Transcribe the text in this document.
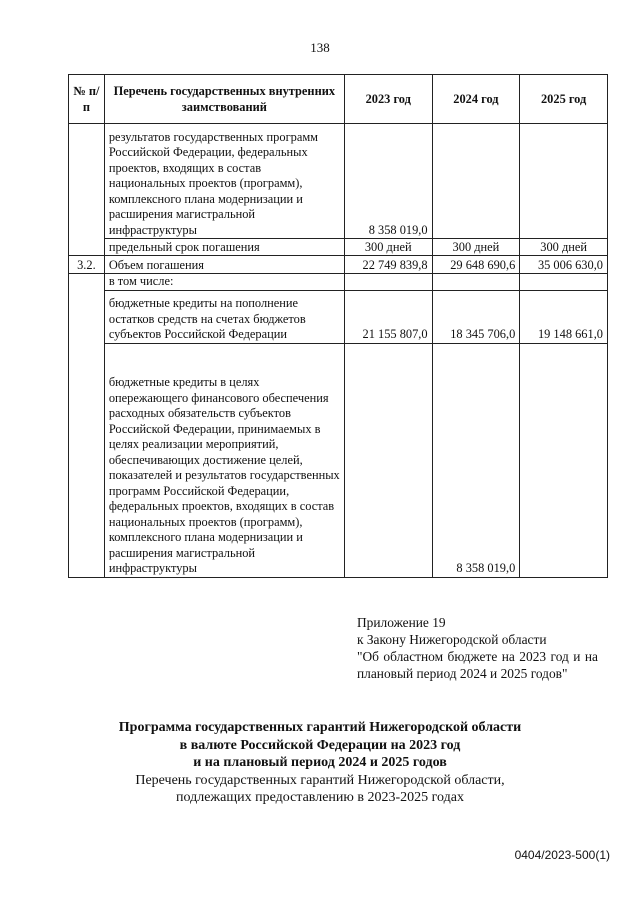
138
№ п/п	Перечень государственных внутренних заимствований	2023 год	2024 год	2025 год
	результатов государственных программ Российской Федерации, федеральных проектов, входящих в состав национальных проектов (программ), комплексного плана модернизации и расширения магистральной инфраструктуры	8 358 019,0		
	предельный срок погашения	300 дней	300 дней	300 дней
3.2.	Объем погашения	22 749 839,8	29 648 690,6	35 006 630,0
	в том числе:			
	бюджетные кредиты на пополнение остатков средств на счетах бюджетов субъектов Российской Федерации	21 155 807,0	18 345 706,0	19 148 661,0
	бюджетные кредиты в целях опережающего финансового обеспечения расходных обязательств субъектов Российской Федерации, принимаемых в целях реализации мероприятий, обеспечивающих достижение целей, показателей и результатов государственных программ Российской Федерации, федеральных проектов, входящих в состав национальных проектов (программ), комплексного плана модернизации и расширения магистральной инфраструктуры		8 358 019,0	
Приложение 19
к Закону Нижегородской области
"Об областном бюджете на 2023 год и на плановый период 2024 и 2025 годов"
Программа государственных гарантий Нижегородской области
в валюте Российской Федерации на 2023 год
и на плановый период 2024 и 2025 годов
Перечень государственных гарантий Нижегородской области,
подлежащих предоставлению в 2023-2025 годах
0404/2023-500(1)
